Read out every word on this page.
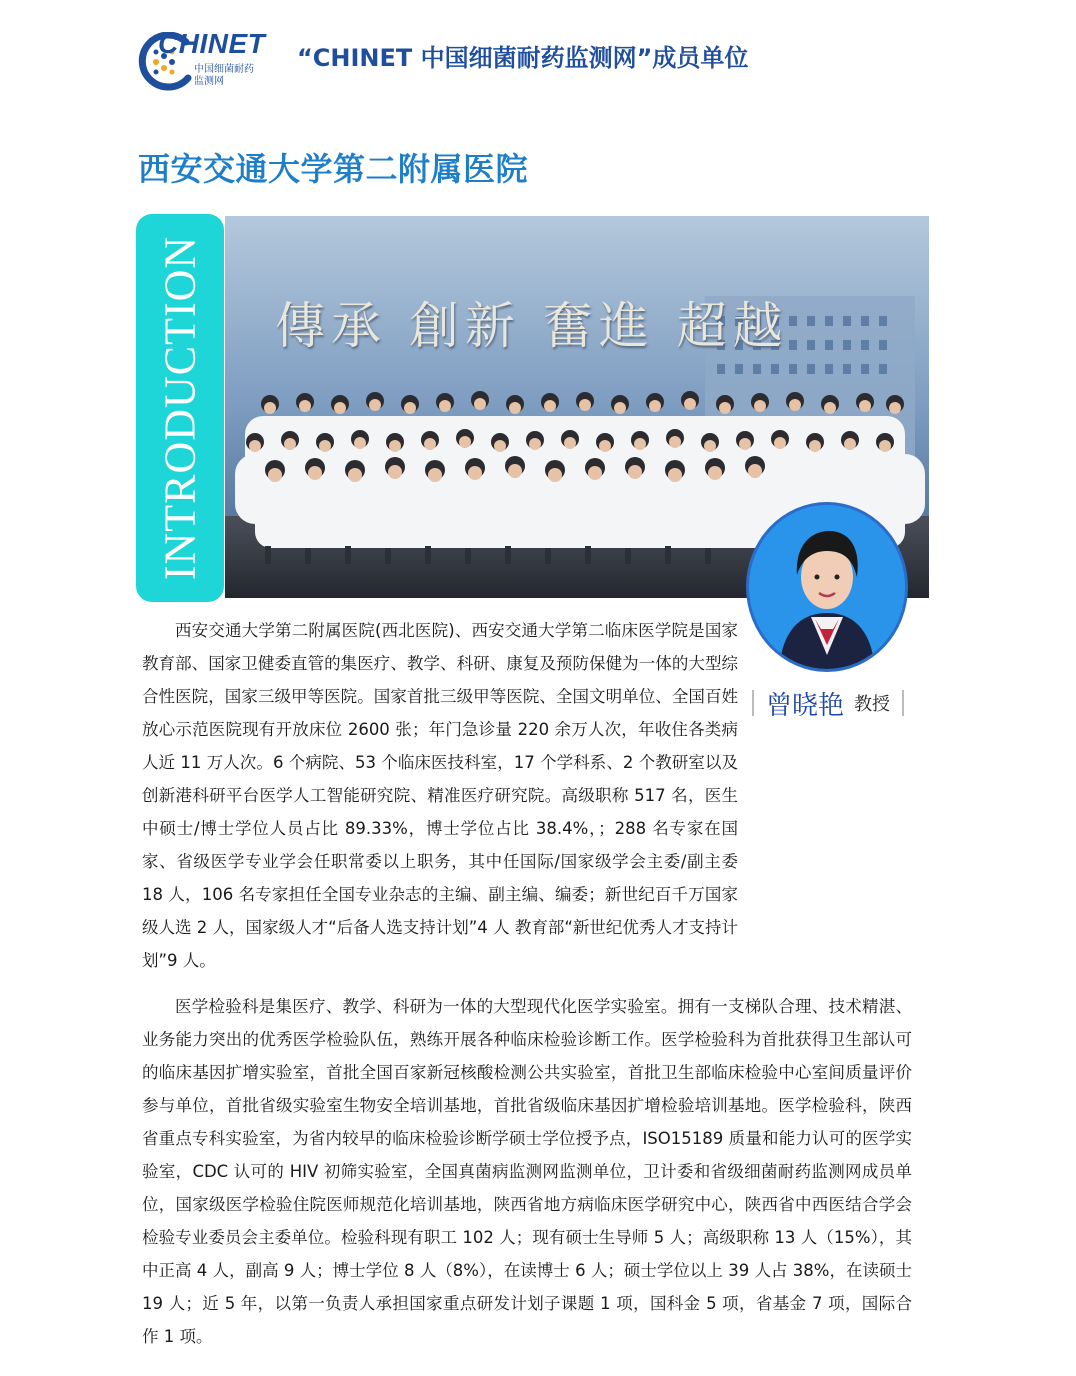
CHINET
中国细菌耐药
监测网
“CHINET 中国细菌耐药监测网”成员单位
西安交通大学第二附属医院
INTRODUCTION 傳承 創新 奮進 超越
曾晓艳 教授
西安交通大学第二附属医院(西北医院)、西安交通大学第二临床医学院是国家教育部、国家卫健委直管的集医疗、教学、科研、康复及预防保健为一体的大型综合性医院，国家三级甲等医院。国家首批三级甲等医院、全国文明单位、全国百姓放心示范医院现有开放床位 2600 张；年门急诊量 220 余万人次，年收住各类病人近 11 万人次。6 个病院、53 个临床医技科室，17 个学科系、2 个教研室以及创新港科研平台医学人工智能研究院、精准医疗研究院。高级职称 517 名，医生中硕士/博士学位人员占比 89.33%，博士学位占比 38.4%，；288 名专家在国家、省级医学专业学会任职常委以上职务，其中任国际/国家级学会主委/副主委 18 人，106 名专家担任全国专业杂志的主编、副主编、编委；新世纪百千万国家级人选 2 人，国家级人才“后备人选支持计划”4 人 教育部“新世纪优秀人才支持计划”9 人。
医学检验科是集医疗、教学、科研为一体的大型现代化医学实验室。拥有一支梯队合理、技术精湛、业务能力突出的优秀医学检验队伍，熟练开展各种临床检验诊断工作。医学检验科为首批获得卫生部认可的临床基因扩增实验室，首批全国百家新冠核酸检测公共实验室，首批卫生部临床检验中心室间质量评价参与单位，首批省级实验室生物安全培训基地，首批省级临床基因扩增检验培训基地。医学检验科，陕西省重点专科实验室，为省内较早的临床检验诊断学硕士学位授予点，ISO15189 质量和能力认可的医学实验室，CDC 认可的 HIV 初筛实验室，全国真菌病监测网监测单位，卫计委和省级细菌耐药监测网成员单位，国家级医学检验住院医师规范化培训基地，陕西省地方病临床医学研究中心，陕西省中西医结合学会检验专业委员会主委单位。检验科现有职工 102 人；现有硕士生导师 5 人；高级职称 13 人（15%），其中正高 4 人，副高 9 人；博士学位 8 人（8%），在读博士 6 人；硕士学位以上 39 人占 38%，在读硕士 19 人；近 5 年，以第一负责人承担国家重点研发计划子课题 1 项，国科金 5 项，省基金 7 项，国际合作 1 项。
